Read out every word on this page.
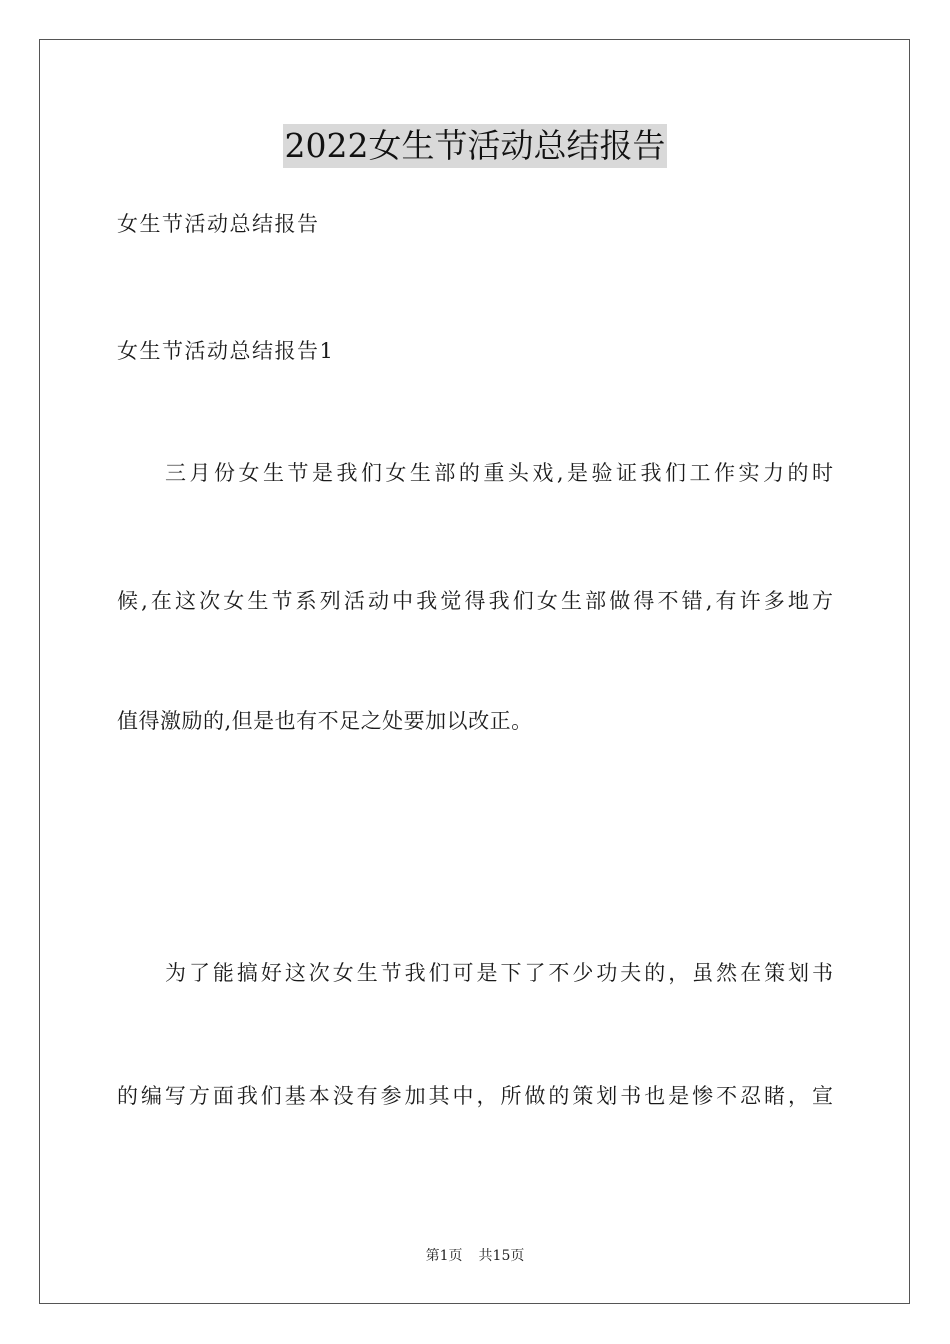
2022女生节活动总结报告
女生节活动总结报告
女生节活动总结报告1
三月份女生节是我们女生部的重头戏,是验证我们工作实力的时
候,在这次女生节系列活动中我觉得我们女生部做得不错,有许多地方
值得激励的,但是也有不足之处要加以改正。
为了能搞好这次女生节我们可是下了不少功夫的，虽然在策划书
的编写方面我们基本没有参加其中，所做的策划书也是惨不忍睹，宣
第1页 共15页
